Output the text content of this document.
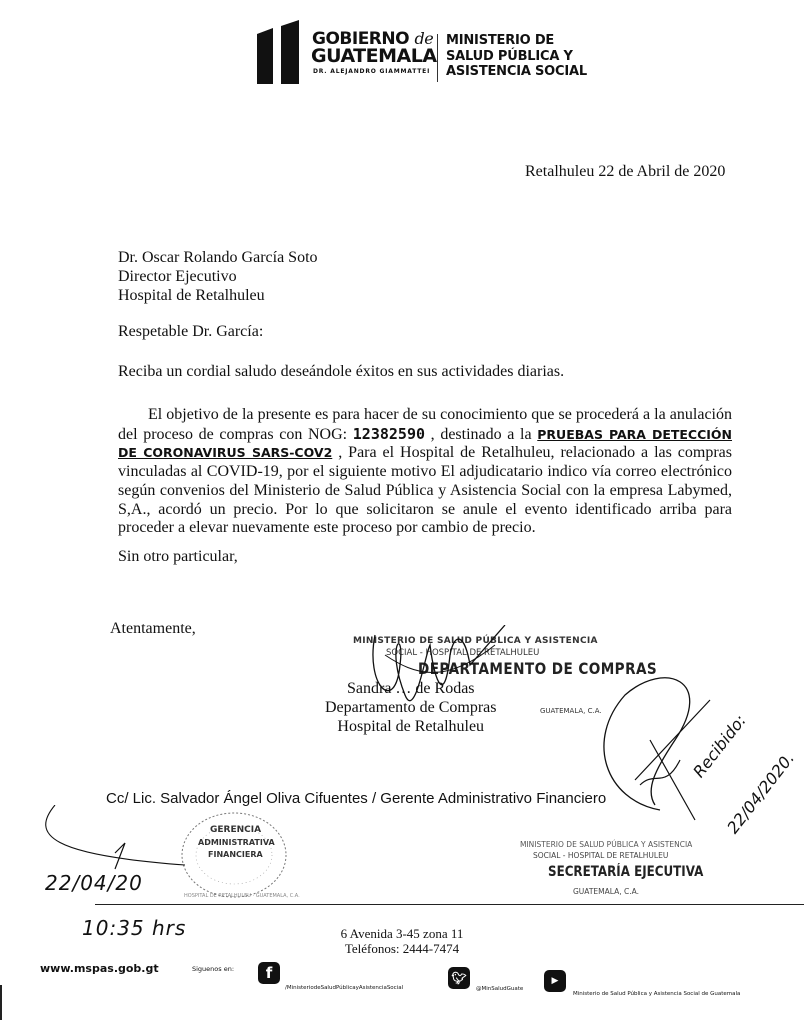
GOBIERNO de
GUATEMALA
DR. ALEJANDRO GIAMMATTEI
MINISTERIO DE
SALUD PÚBLICA Y
ASISTENCIA SOCIAL
Retalhuleu 22 de Abril de 2020
Dr. Oscar Rolando García Soto
Director Ejecutivo
Hospital de Retalhuleu
Respetable Dr. García:
Reciba un cordial saludo deseándole éxitos en sus actividades diarias.
El objetivo de la presente es para hacer de su conocimiento que se procederá a la anulación del proceso de compras con NOG: 12382590 , destinado a la PRUEBAS PARA DETECCIÓN DE CORONAVIRUS SARS-COV2 , Para el Hospital de Retalhuleu, relacionado a las compras vinculadas al COVID-19, por el siguiente motivo El adjudicatario indico vía correo electrónico según convenios del Ministerio de Salud Pública y Asistencia Social con la empresa Labymed, S,A., acordó un precio. Por lo que solicitaron se anule el evento identificado arriba para proceder a elevar nuevamente este proceso por cambio de precio.
Sin otro particular,
Atentamente,
MINISTERIO DE SALUD PÚBLICA Y ASISTENCIA
SOCIAL - HOSPITAL DE RETALHULEU
DEPARTAMENTO DE COMPRAS
Sandra … de Rodas
Departamento de Compras
Hospital de Retalhuleu
GUATEMALA, C.A.	Recibido:
22/04/2020.
Cc/ Lic. Salvador Ángel Oliva Cifuentes / Gerente Administrativo Financiero
GERENCIA
ADMINISTRATIVA
FINANCIERA
HOSPITAL DE RETALHULEU · GUATEMALA, C.A.
22/04/20
10:35 hrs
MINISTERIO DE SALUD PÚBLICA Y ASISTENCIA
SOCIAL - HOSPITAL DE RETALHULEU
SECRETARÍA EJECUTIVA
GUATEMALA, C.A.
6 Avenida 3-45 zona 11
Teléfonos: 2444-7474
www.mspas.gob.gt	Siguenos en:	f
/MinisteriodeSaludPúblicayAsistenciaSocial
🐦︎
@MinSaludGuate
▶
Ministerio de Salud Pública y Asistencia Social de Guatemala
